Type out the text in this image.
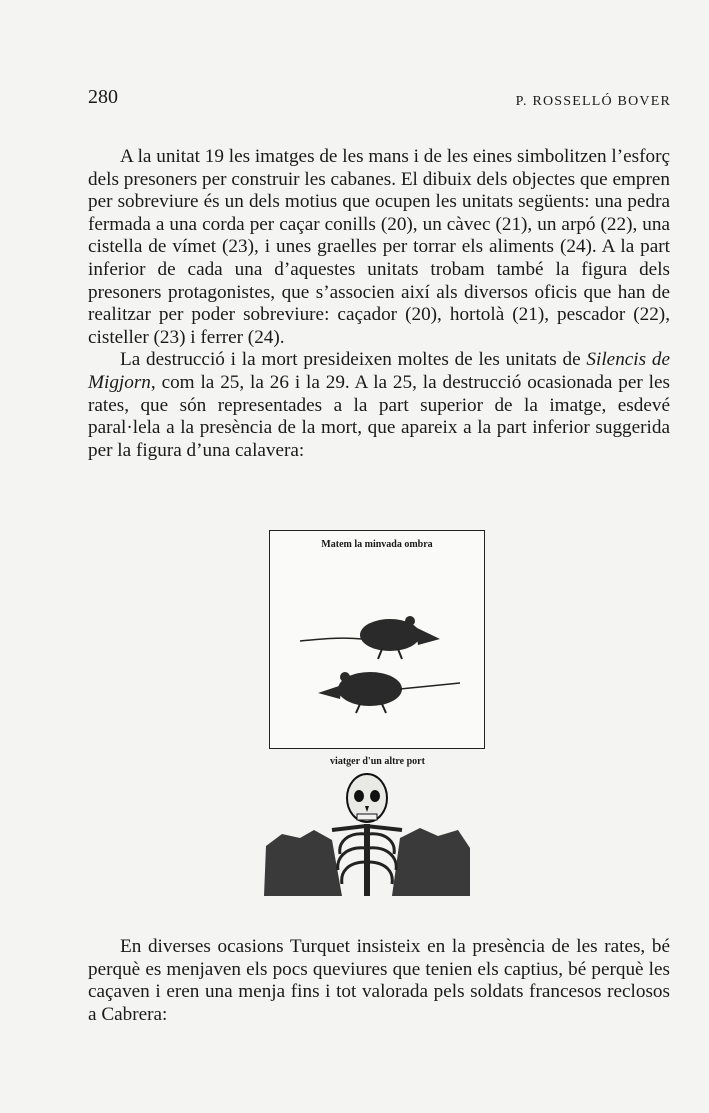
280	P. ROSSELLÓ BOVER

A la unitat 19 les imatges de les mans i de les eines simbolitzen l’esforç dels presoners per construir les cabanes. El dibuix dels objectes que empren per sobreviure és un dels motius que ocupen les unitats següents: una pedra fermada a una corda per caçar conills (20), un càvec (21), un arpó (22), una cistella de vímet (23), i unes graelles per torrar els aliments (24). A la part inferior de cada una d’aquestes unitats trobam també la figura dels presoners protagonistes, que s’associen així als diversos oficis que han de realitzar per poder sobreviure: caçador (20), hortolà (21), pescador (22), cisteller (23) i ferrer (24).

La destrucció i la mort presideixen moltes de les unitats de Silencis de Migjorn, com la 25, la 26 i la 29. A la 25, la destrucció ocasionada per les rates, que són representades a la part superior de la imatge, esdevé paral·lela a la presència de la mort, que apareix a la part inferior suggerida per la figura d’una calavera:

Matem la minvada ombra
viatger d'un altre port

En diverses ocasions Turquet insisteix en la presència de les rates, bé perquè es menjaven els pocs queviures que tenien els captius, bé perquè les caçaven i eren una menja fins i tot valorada pels soldats francesos reclosos a Cabrera:
